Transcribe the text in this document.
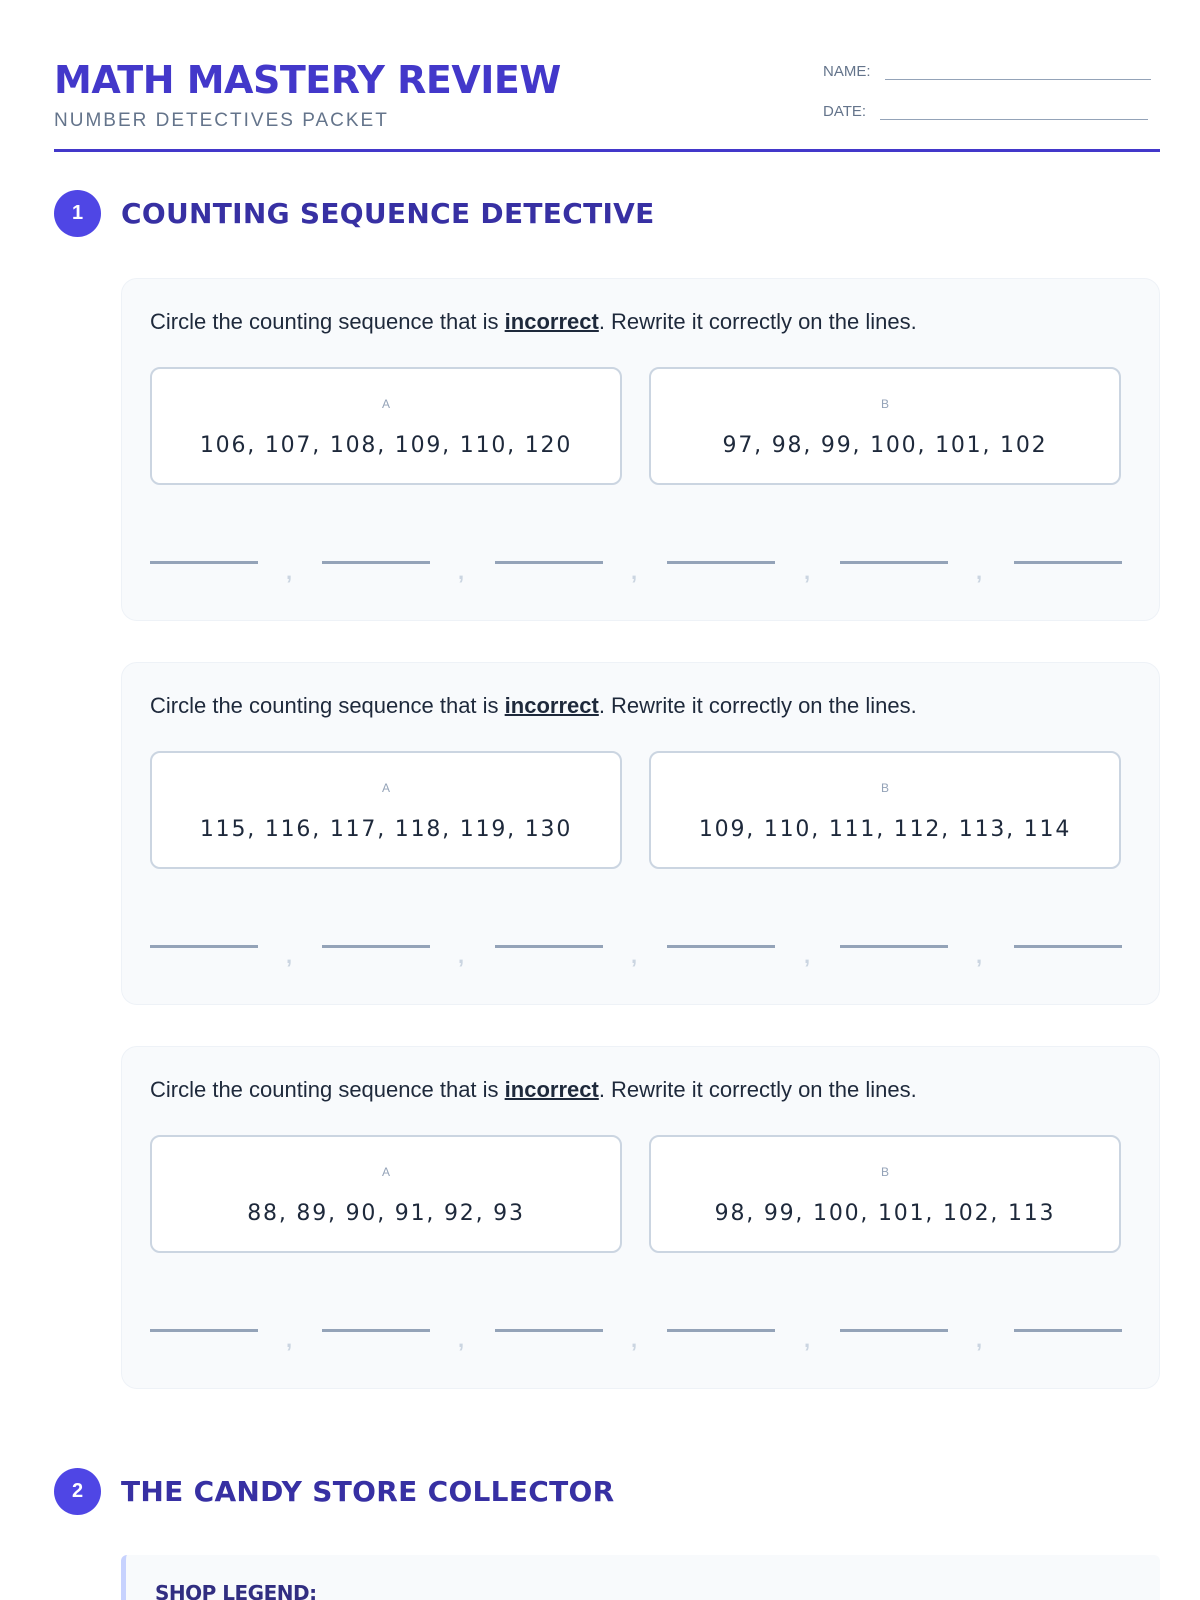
MATH MASTERY REVIEW
NUMBER DETECTIVES PACKET
NAME:
DATE:
1	COUNTING SEQUENCE DETECTIVE
Circle the counting sequence that is incorrect. Rewrite it correctly on the lines.
A
106, 107, 108, 109, 110, 120
B
97, 98, 99, 100, 101, 102
,	,	,	,	,
Circle the counting sequence that is incorrect. Rewrite it correctly on the lines.
A
115, 116, 117, 118, 119, 130
B
109, 110, 111, 112, 113, 114
,	,	,	,	,
Circle the counting sequence that is incorrect. Rewrite it correctly on the lines.
A
88, 89, 90, 91, 92, 93
B
98, 99, 100, 101, 102, 113
,	,	,	,	,
2	THE CANDY STORE COLLECTOR
SHOP LEGEND:
